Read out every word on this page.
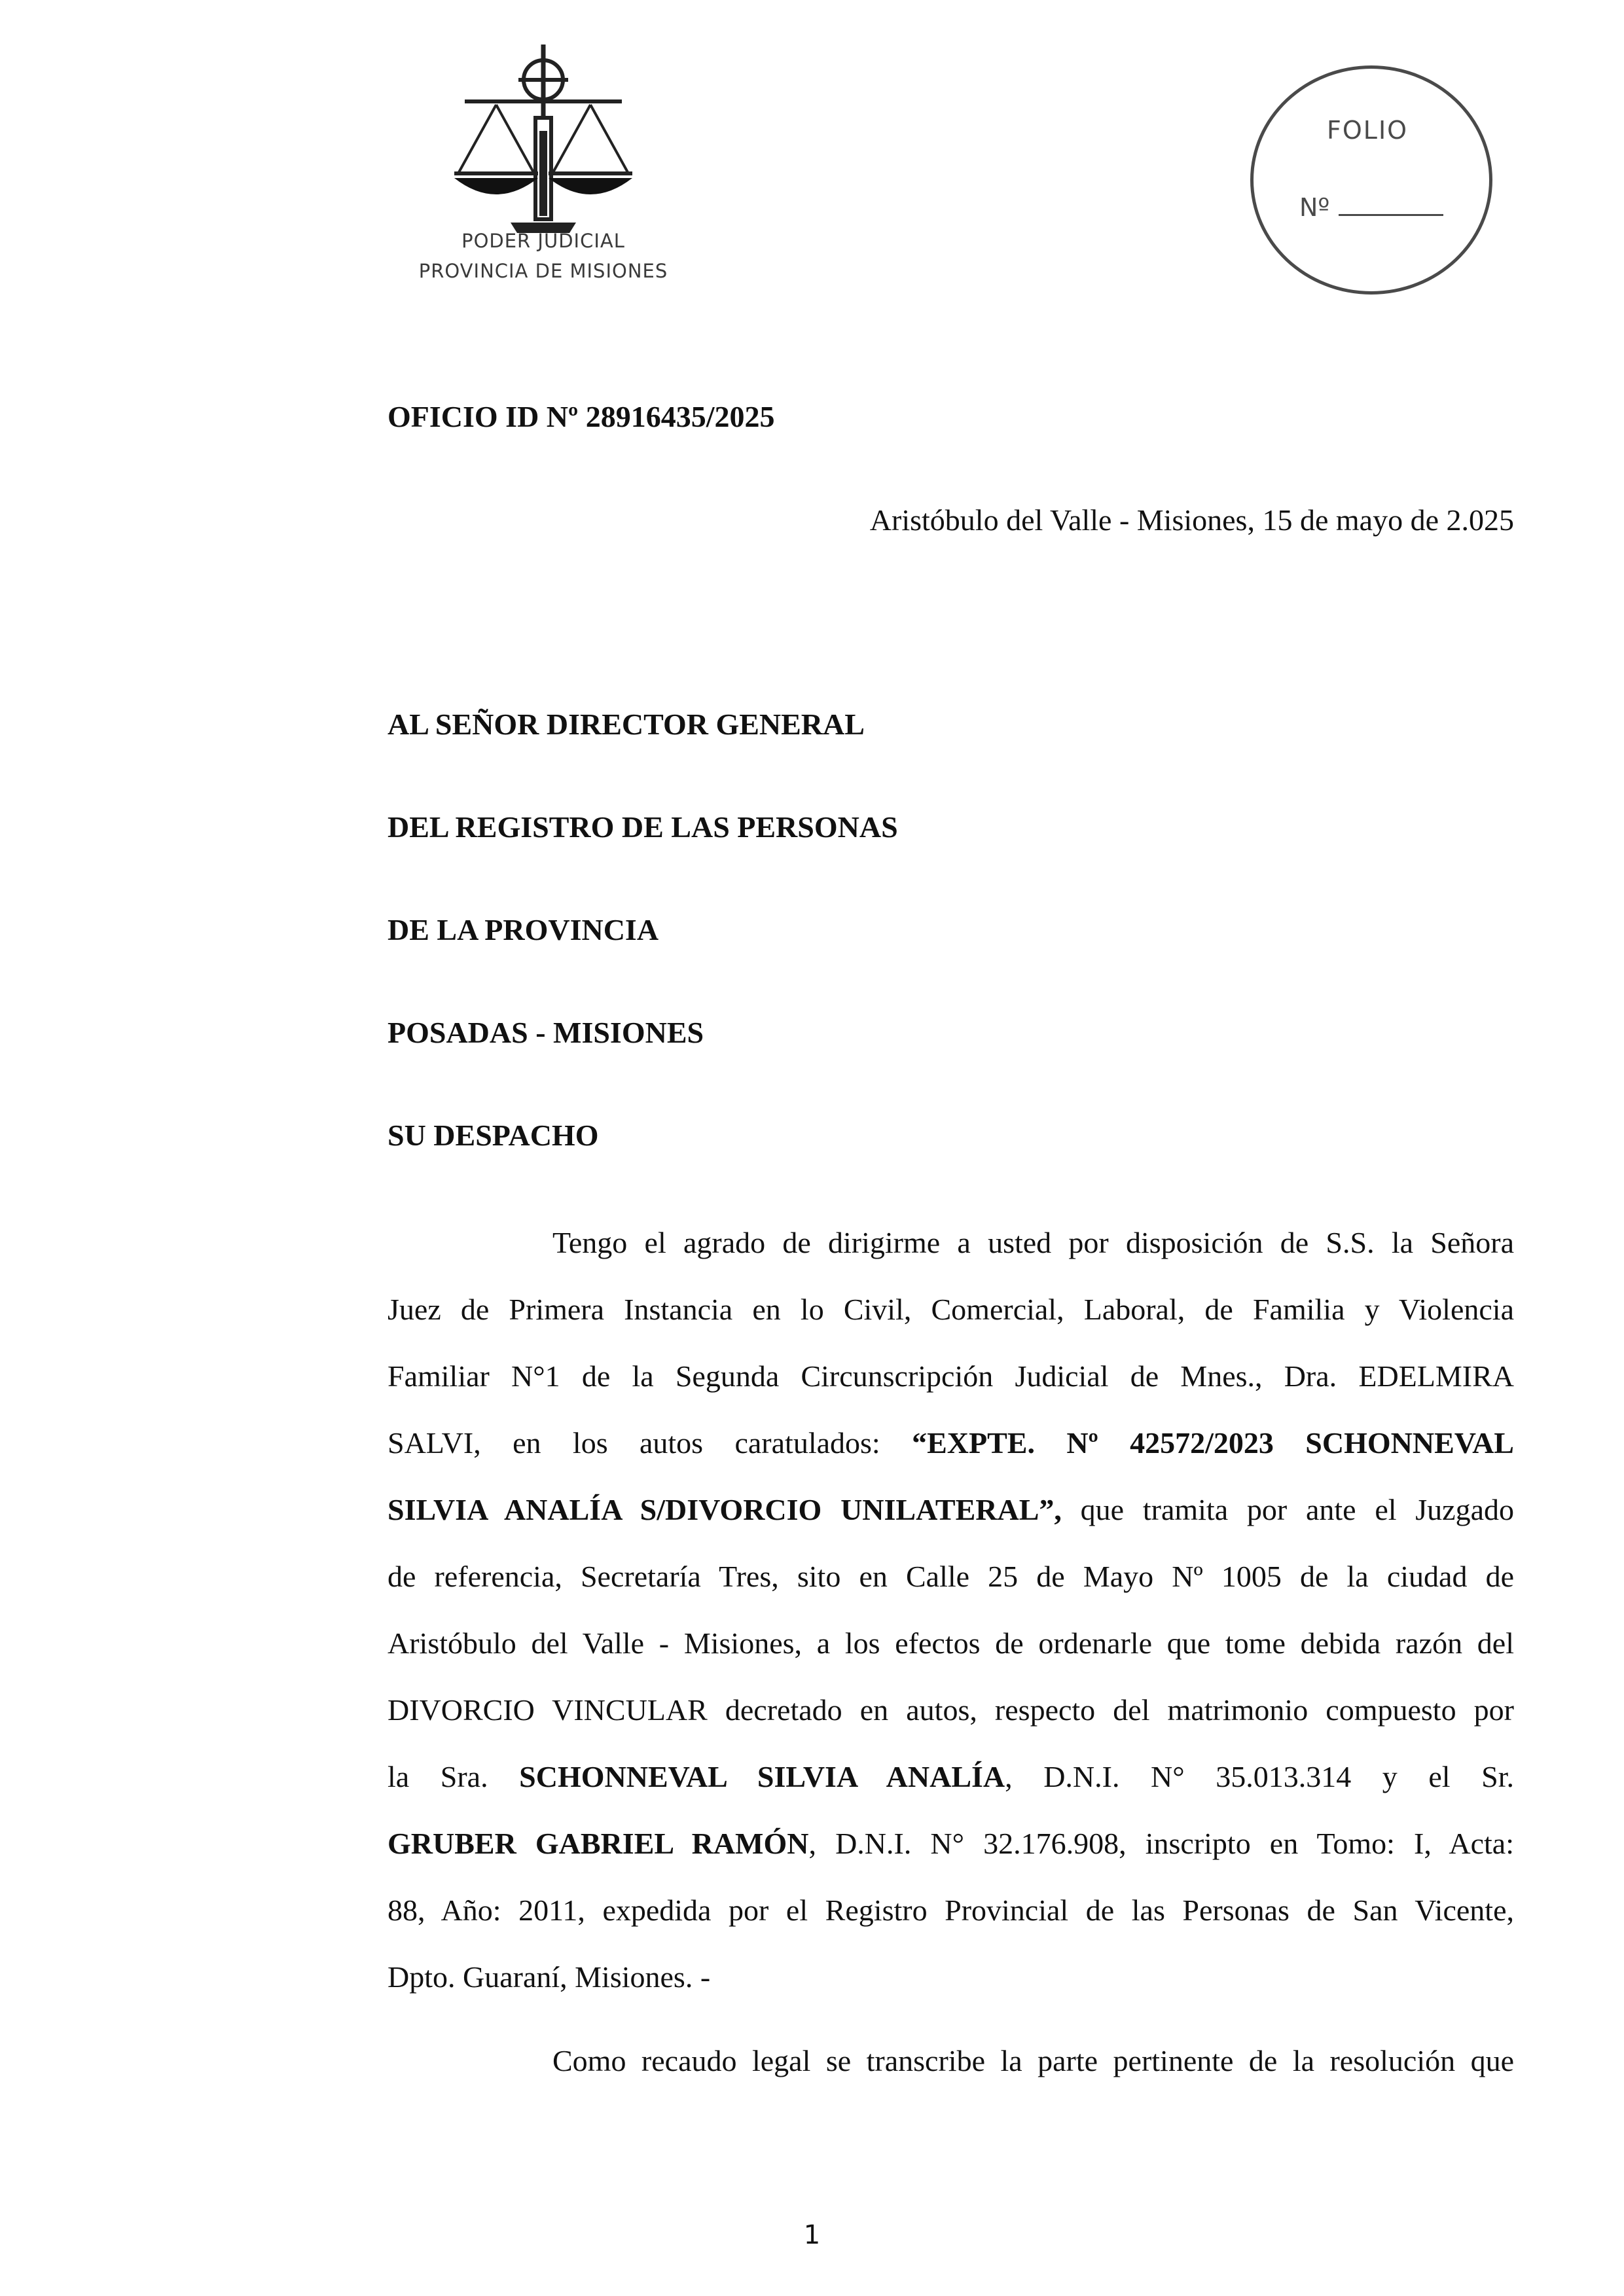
PODER JUDICIAL
PROVINCIA DE MISIONES
FOLIO
Nº
OFICIO ID Nº 28916435/2025
Aristóbulo del Valle - Misiones, 15 de mayo de 2.025
AL SEÑOR DIRECTOR GENERAL
DEL REGISTRO DE LAS PERSONAS
DE LA PROVINCIA
POSADAS - MISIONES
SU DESPACHO
Tengo el agrado de dirigirme a usted por disposición de S.S. la Señora
Juez de Primera Instancia en lo Civil, Comercial, Laboral, de Familia y Violencia
Familiar N°1 de la Segunda Circunscripción Judicial de Mnes., Dra. EDELMIRA
SALVI, en los autos caratulados: “EXPTE. Nº 42572/2023 SCHONNEVAL
SILVIA ANALÍA S/DIVORCIO UNILATERAL”, que tramita por ante el Juzgado
de referencia, Secretaría Tres, sito en Calle 25 de Mayo Nº 1005 de la ciudad de
Aristóbulo del Valle - Misiones, a los efectos de ordenarle que tome debida razón del
DIVORCIO VINCULAR decretado en autos, respecto del matrimonio compuesto por
la Sra. SCHONNEVAL SILVIA ANALÍA, D.N.I. N° 35.013.314 y el Sr.
GRUBER GABRIEL RAMÓN, D.N.I. N° 32.176.908, inscripto en Tomo: I, Acta:
88, Año: 2011, expedida por el Registro Provincial de las Personas de San Vicente,
Dpto. Guaraní, Misiones. -
Como recaudo legal se transcribe la parte pertinente de la resolución que
1
